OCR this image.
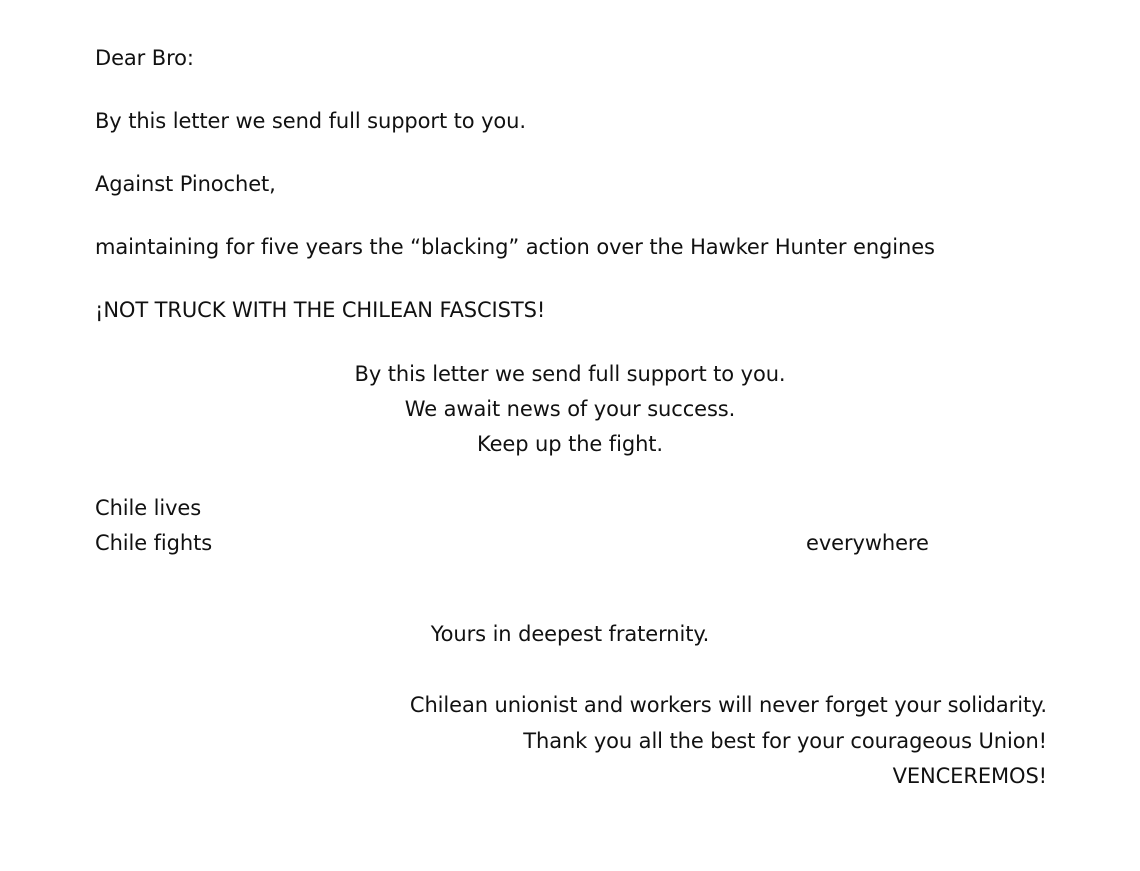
Dear Bro:
By this letter we send full support to you.
Against Pinochet,
maintaining for five years the “blacking” action over the Hawker Hunter engines
¡NOT TRUCK WITH THE CHILEAN FASCISTS!
By this letter we send full support to you.
We await news of your success.
Keep up the fight.
Chile lives
Chile fights	everywhere
Yours in deepest fraternity.
Chilean unionist and workers will never forget your solidarity.
Thank you all the best for your courageous Union!
VENCEREMOS!
